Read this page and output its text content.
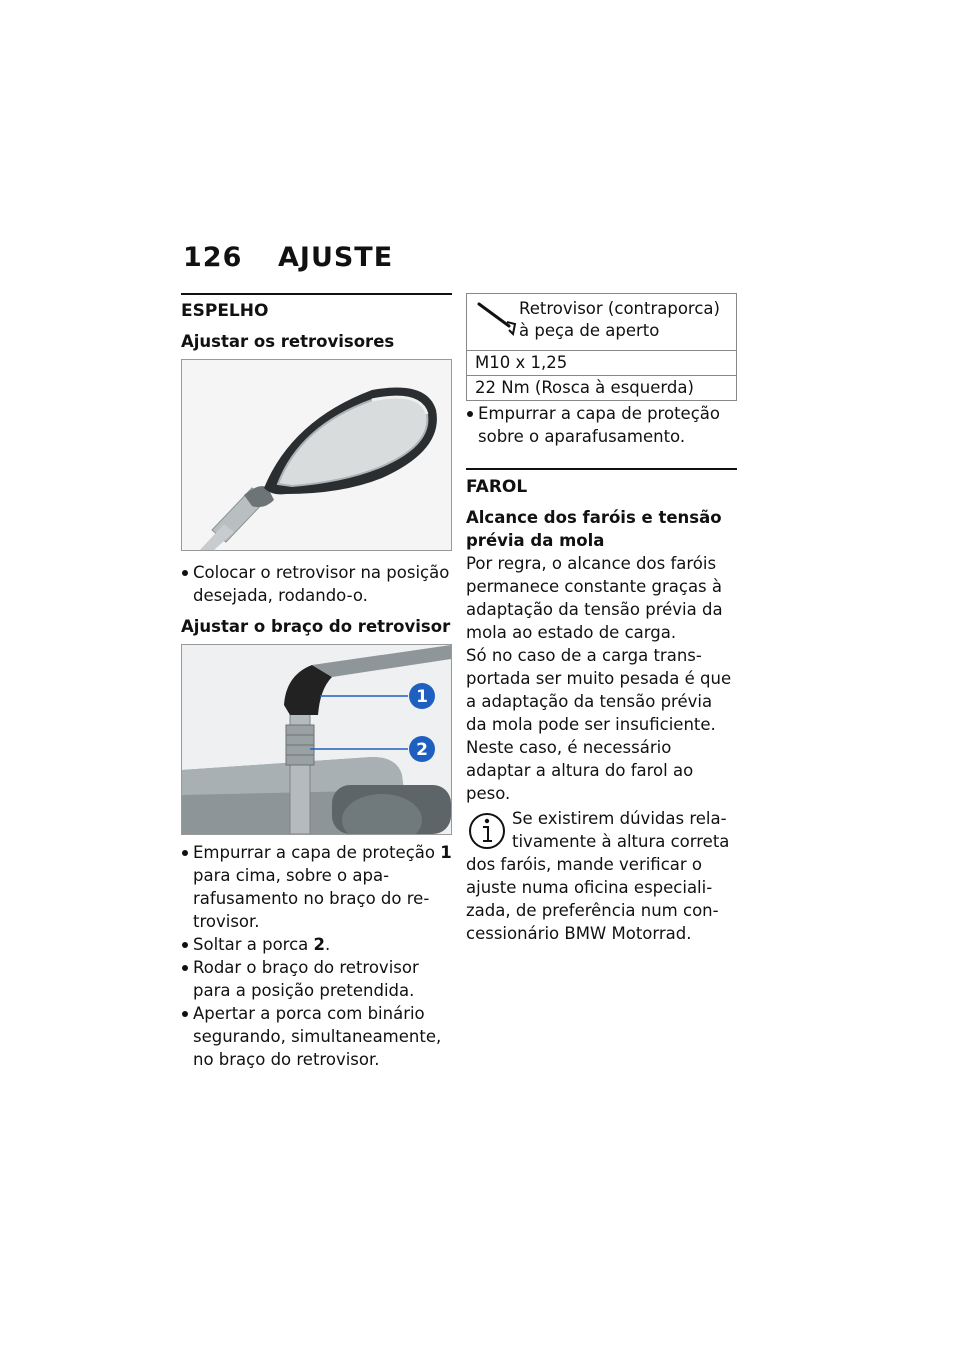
126 AJUSTE
ESPELHO
Ajustar os retrovisores
Colocar o retrovisor na posição desejada, rodando-o.
Ajustar o braço do retrovisor
1
2
Empurrar a capa de proteção 1 para cima, sobre o aparafusamento no braço do retrovisor.
Soltar a porca 2.
Rodar o braço do retrovisor para a posição pretendida.
Apertar a porca com binário segurando, simultaneamente, no braço do retrovisor.
Retrovisor (contraporca) à peça de aperto
M10 x 1,25
22 Nm (Rosca à esquerda)
Empurrar a capa de proteção sobre o aparafusamento.
FAROL
Alcance dos faróis e tensão prévia da mola
Por regra, o alcance dos faróis permanece constante graças à adaptação da tensão prévia da mola ao estado de carga.
Só no caso de a carga transportada ser muito pesada é que a adaptação da tensão prévia da mola pode ser insuficiente. Neste caso, é necessário adaptar a altura do farol ao peso.
Se existirem dúvidas relativamente à altura correta dos faróis, mande verificar o ajuste numa oficina especializada, de preferência num concessionário BMW Motorrad.
